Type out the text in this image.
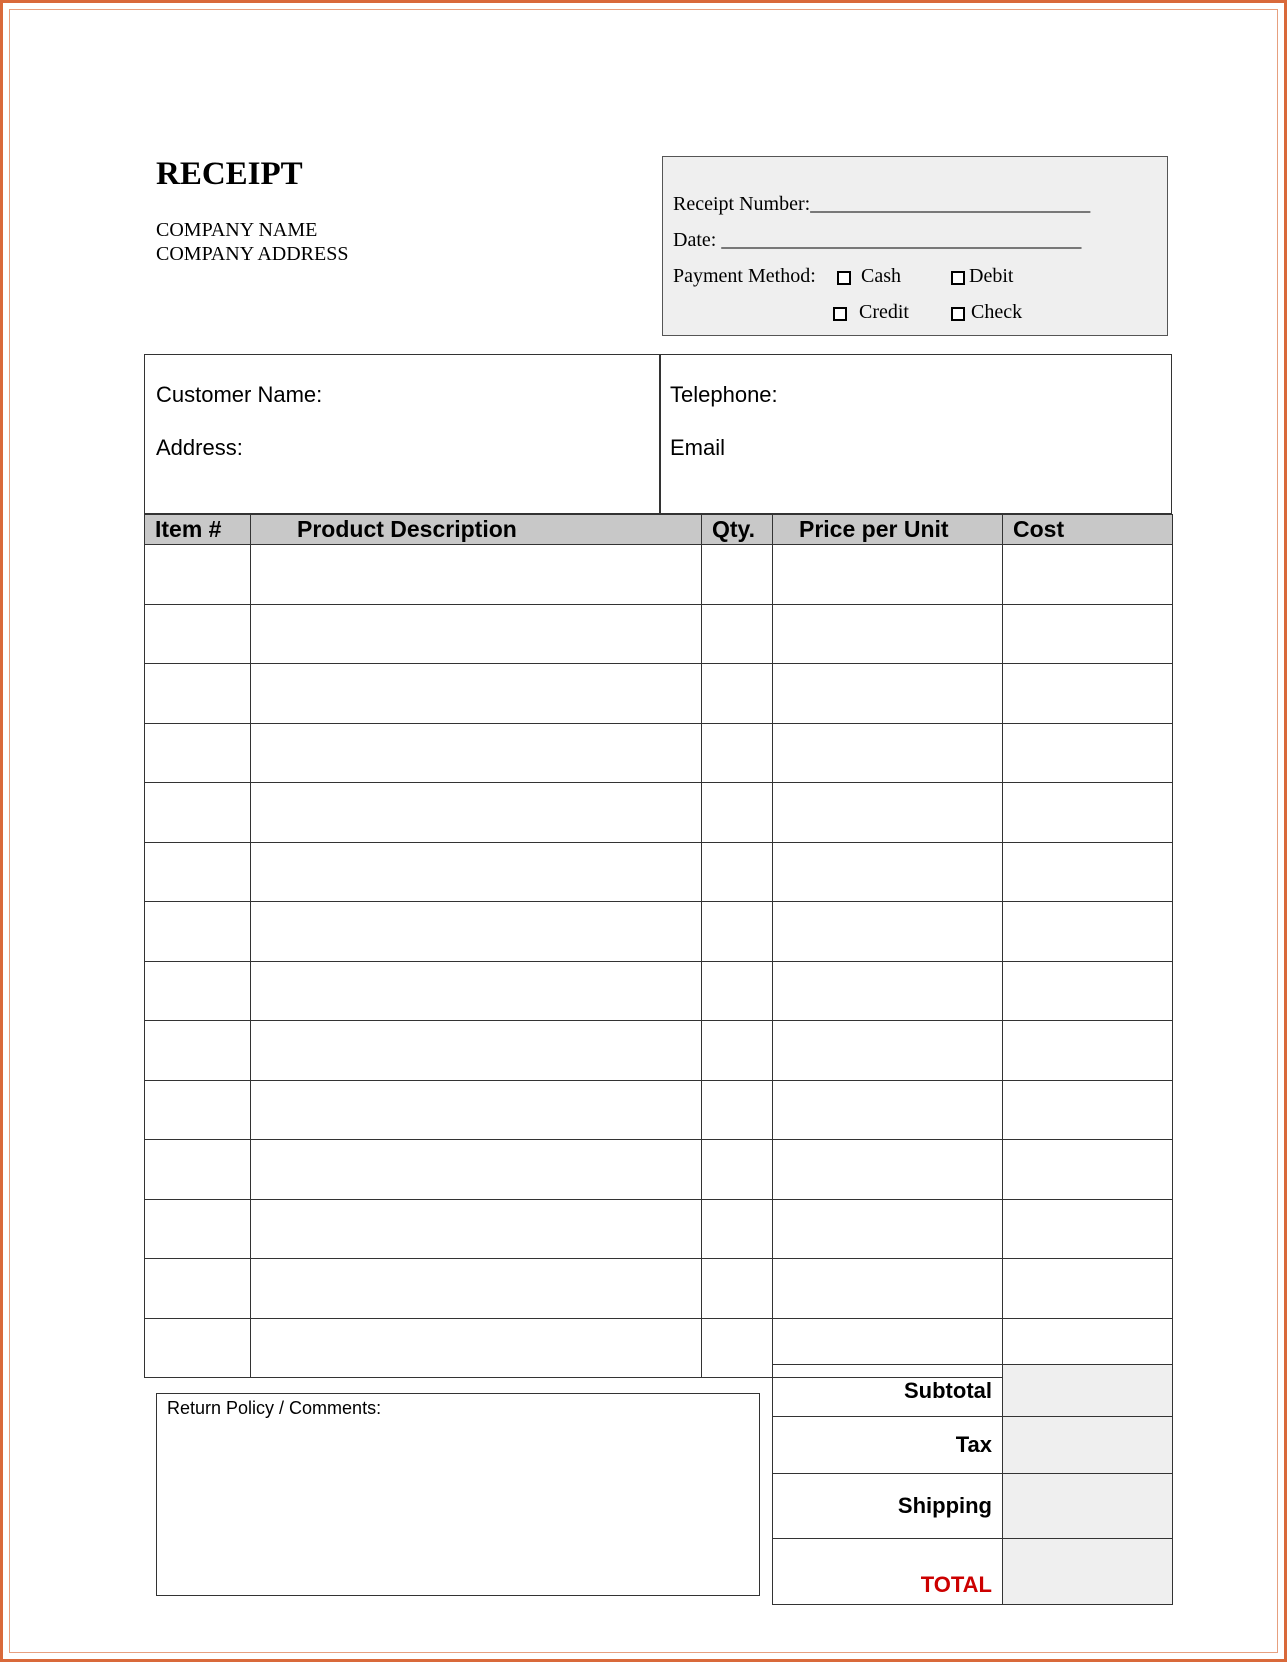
RECEIPT
COMPANY NAME
COMPANY ADDRESS
Receipt Number:____________________________
Date: ____________________________________
Payment Method: Cash	Debit
Credit	Check
Customer Name:
Address:
Telephone:
Email
Item #	Product Description	Qty.	Price per Unit	Cost

Return Policy / Comments:
Subtotal	
Tax	
Shipping	
TOTAL	
